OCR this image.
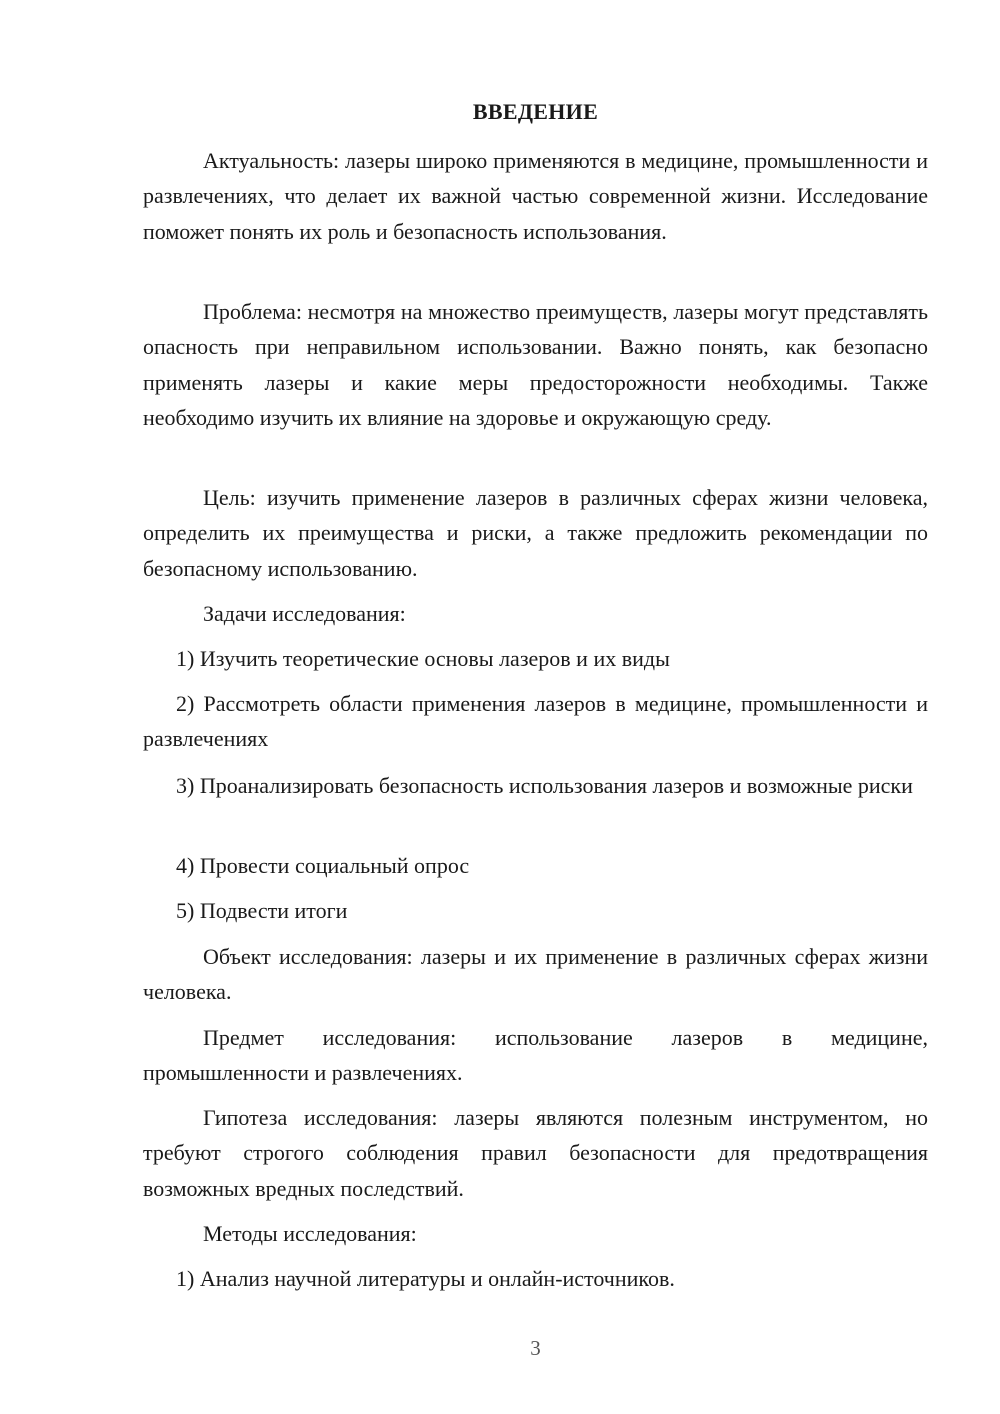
ВВЕДЕНИЕ

Актуальность: лазеры широко применяются в медицине, промышленности и развлечениях, что делает их важной частью современной жизни. Исследование поможет понять их роль и безопасность использования.

Проблема: несмотря на множество преимуществ, лазеры могут представлять опасность при неправильном использовании. Важно понять, как безопасно применять лазеры и какие меры предосторожности необходимы. Также необходимо изучить их влияние на здоровье и окружающую среду.

Цель: изучить применение лазеров в различных сферах жизни человека, определить их преимущества и риски, а также предложить рекомендации по безопасному использованию.

Задачи исследования:

1) Изучить теоретические основы лазеров и их виды

2) Рассмотреть области применения лазеров в медицине, промышленности и развлечениях

3) Проанализировать безопасность использования лазеров и возможные риски

4) Провести социальный опрос

5) Подвести итоги

Объект исследования: лазеры и их применение в различных сферах жизни человека.

Предмет исследования: использование лазеров в медицине, промышленности и развлечениях.

Гипотеза исследования: лазеры являются полезным инструментом, но требуют строгого соблюдения правил безопасности для предотвращения возможных вредных последствий.

Методы исследования:

1) Анализ научной литературы и онлайн-источников.

3
